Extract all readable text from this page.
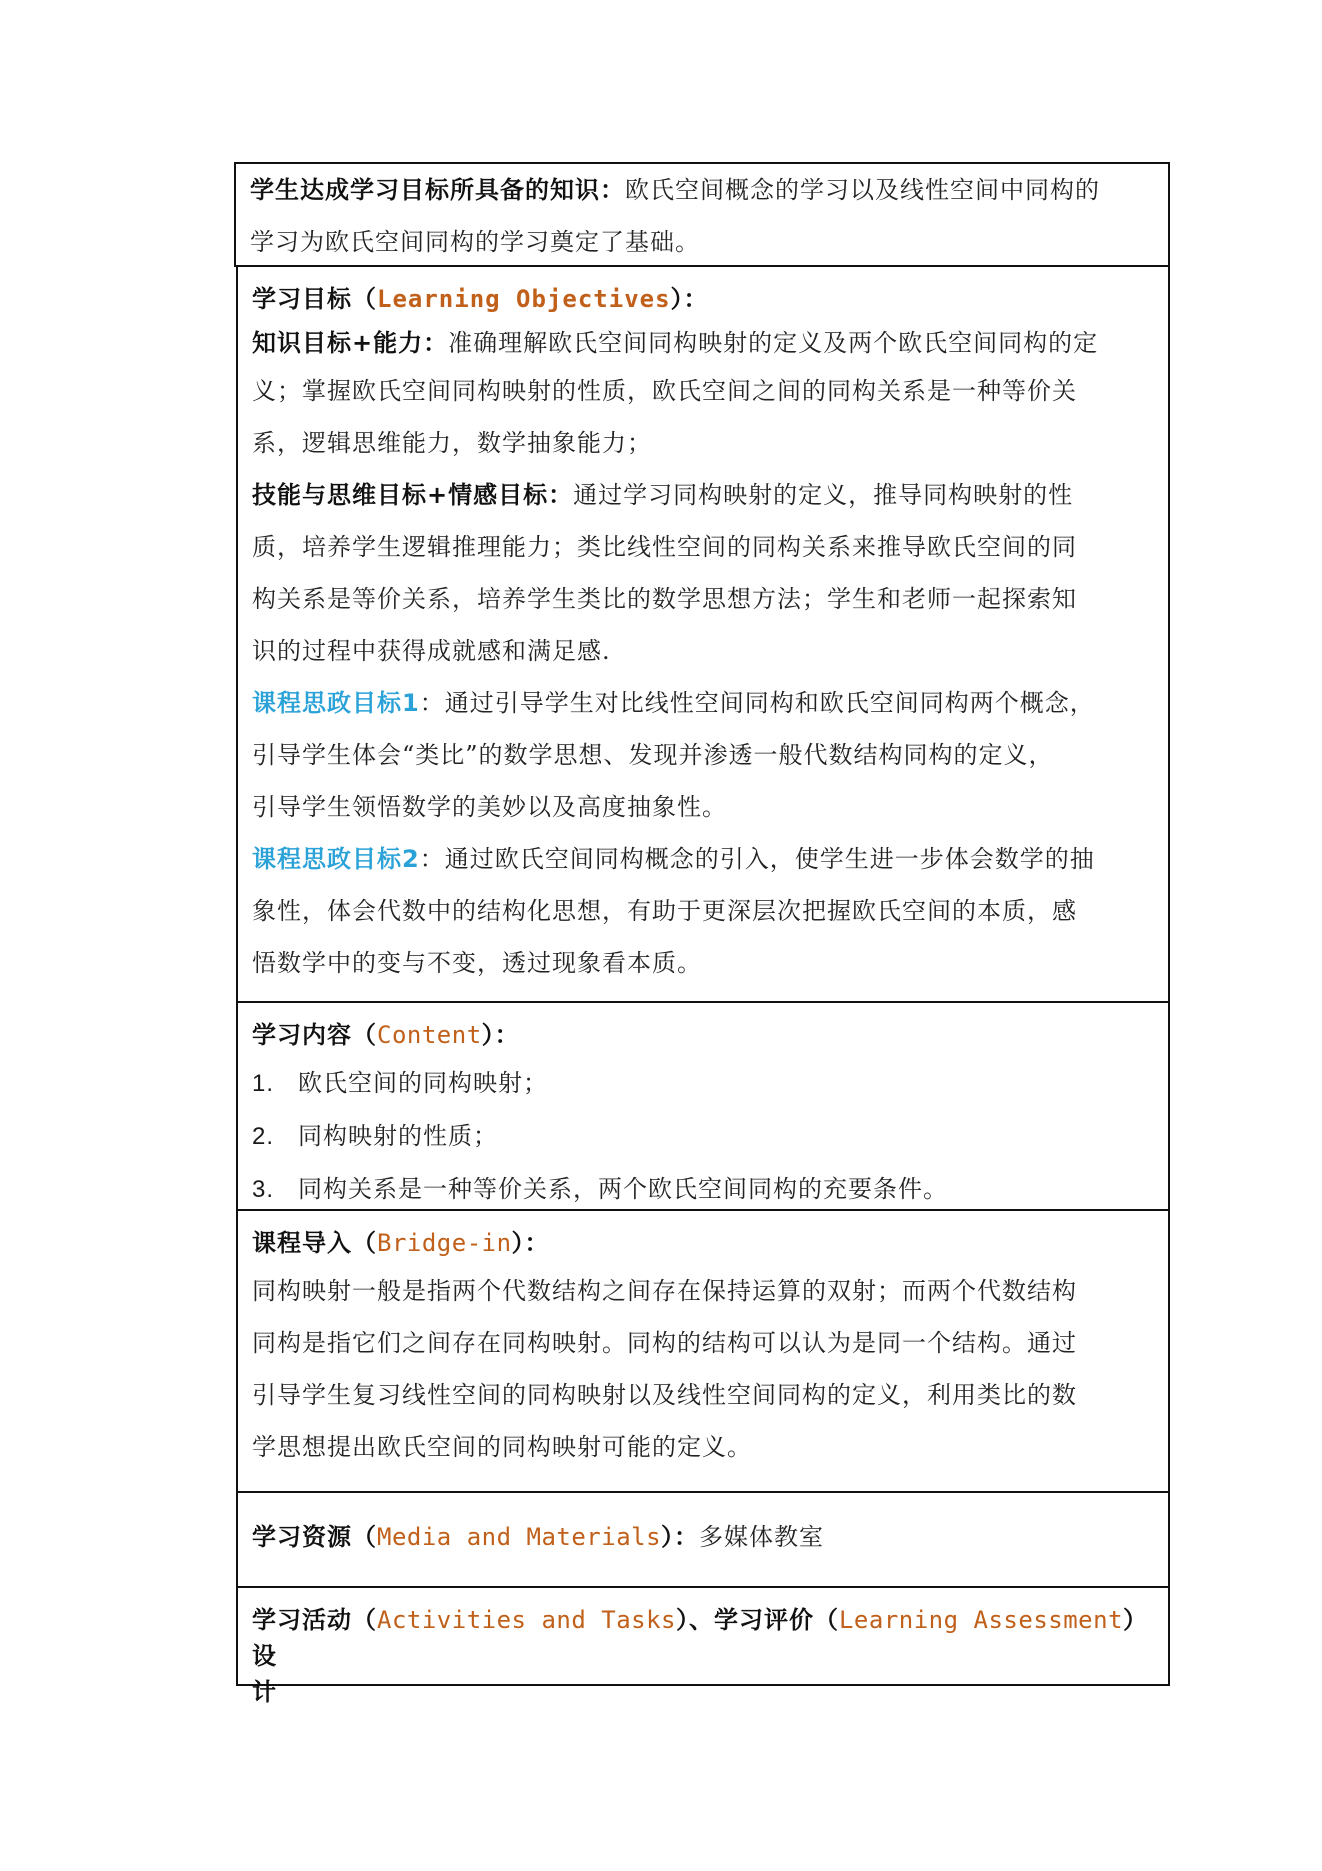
学生达成学习目标所具备的知识：欧氏空间概念的学习以及线性空间中同构的
学习为欧氏空间同构的学习奠定了基础。
学习目标（Learning Objectives）：
知识目标+能力：准确理解欧氏空间同构映射的定义及两个欧氏空间同构的定
义；掌握欧氏空间同构映射的性质，欧氏空间之间的同构关系是一种等价关
系，逻辑思维能力，数学抽象能力；
技能与思维目标+情感目标：通过学习同构映射的定义，推导同构映射的性
质，培养学生逻辑推理能力；类比线性空间的同构关系来推导欧氏空间的同
构关系是等价关系，培养学生类比的数学思想方法；学生和老师一起探索知
识的过程中获得成就感和满足感.
课程思政目标1：通过引导学生对比线性空间同构和欧氏空间同构两个概念，
引导学生体会“类比”的数学思想、发现并渗透一般代数结构同构的定义，
引导学生领悟数学的美妙以及高度抽象性。
课程思政目标2：通过欧氏空间同构概念的引入，使学生进一步体会数学的抽
象性，体会代数中的结构化思想，有助于更深层次把握欧氏空间的本质，感
悟数学中的变与不变，透过现象看本质。
学习内容（Content）：
1. 欧氏空间的同构映射；
2. 同构映射的性质；
3. 同构关系是一种等价关系，两个欧氏空间同构的充要条件。
课程导入（Bridge-in）：
同构映射一般是指两个代数结构之间存在保持运算的双射；而两个代数结构
同构是指它们之间存在同构映射。同构的结构可以认为是同一个结构。通过
引导学生复习线性空间的同构映射以及线性空间同构的定义，利用类比的数
学思想提出欧氏空间的同构映射可能的定义。
学习资源（Media and Materials）：多媒体教室
学习活动（Activities and Tasks）、学习评价（Learning Assessment）设
计
